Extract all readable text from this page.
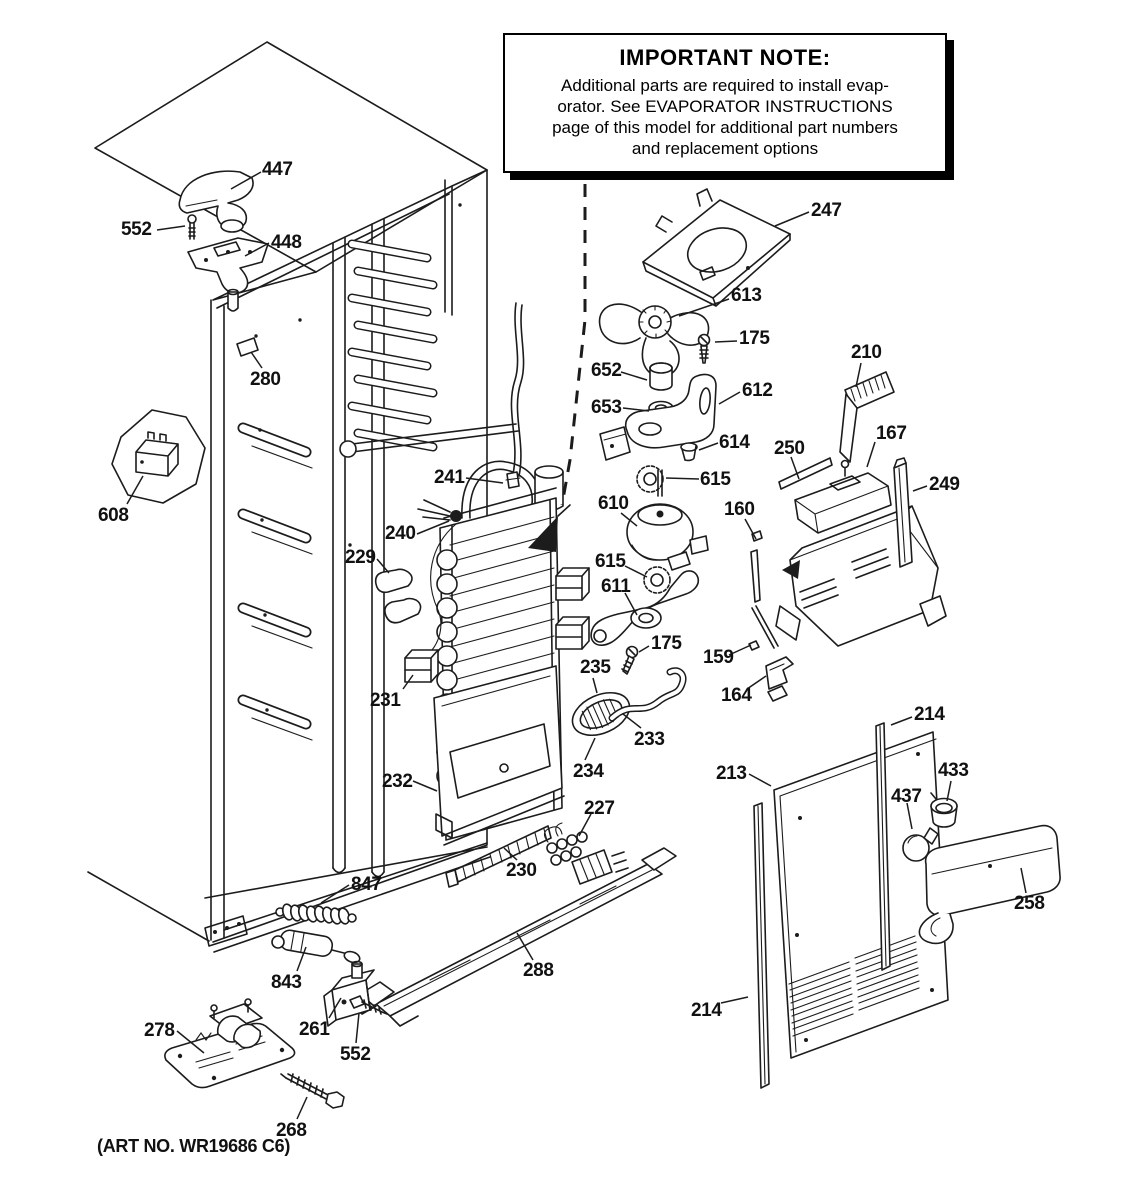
IMPORTANT NOTE:
Additional parts are required to install evap-
orator. See EVAPORATOR INSTRUCTIONS
page of this model for additional part numbers
and replacement options
447
552
448
280
608
241
240
229
231
232
230
235
234
233
227
288
847
843
261
552
278
268
247
613
175
652
653
612
614
615
610
615
611
175
160
159
164
250
210
167
249
214
213	433
437
258
214
(ART NO. WR19686 C6)
